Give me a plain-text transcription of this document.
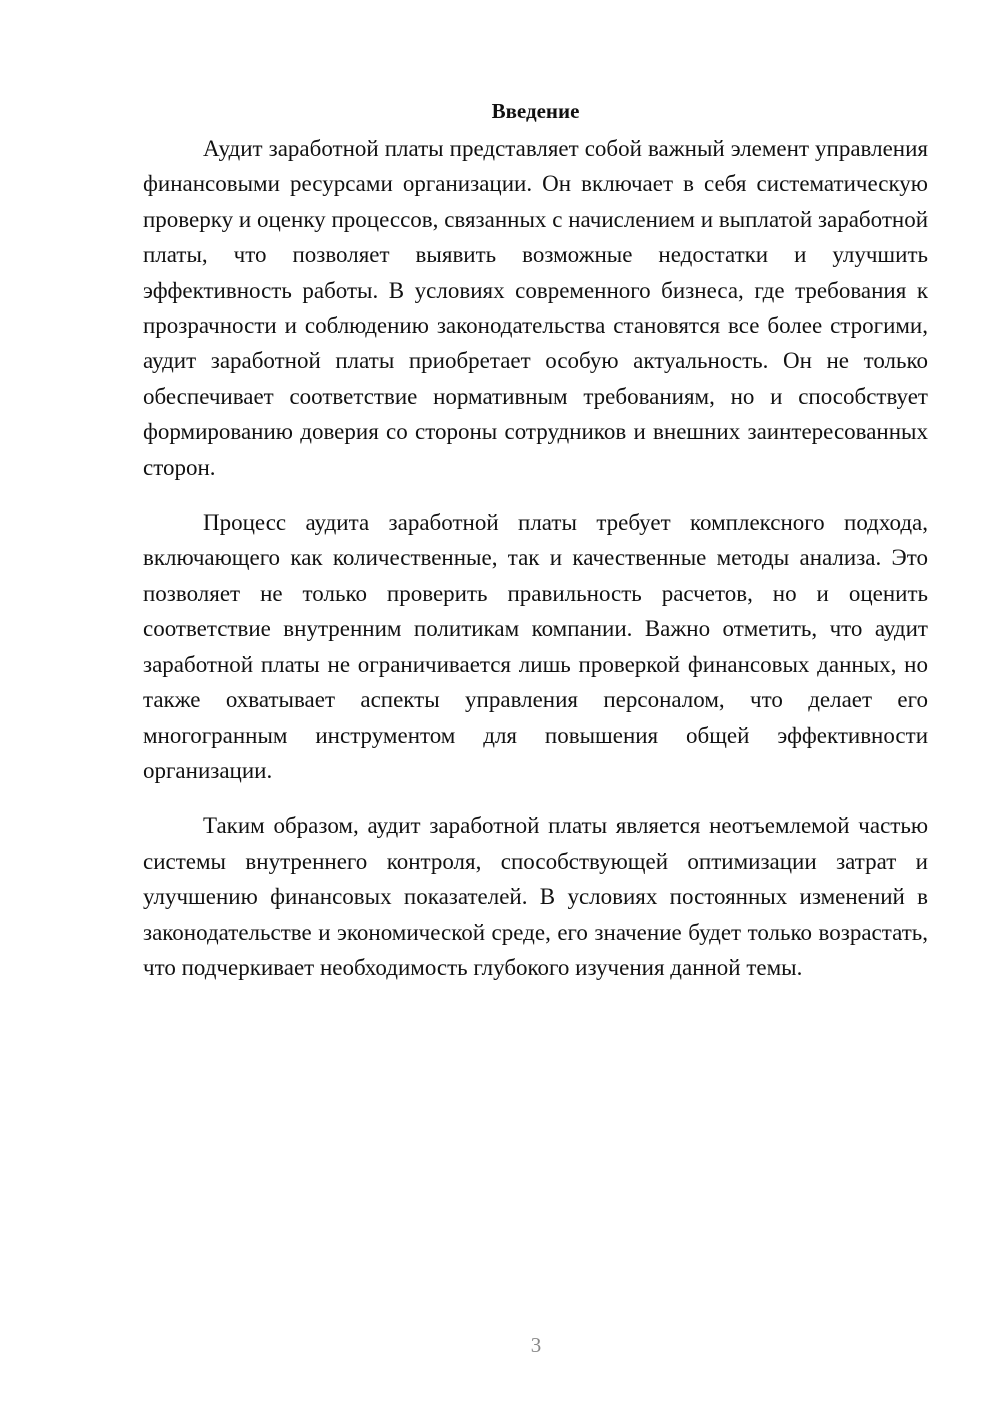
Введение

Аудит заработной платы представляет собой важный элемент управления финансовыми ресурсами организации. Он включает в себя систематическую проверку и оценку процессов, связанных с начислением и выплатой заработной платы, что позволяет выявить возможные недостатки и улучшить эффективность работы. В условиях современного бизнеса, где требования к прозрачности и соблюдению законодательства становятся все более строгими, аудит заработной платы приобретает особую актуальность. Он не только обеспечивает соответствие нормативным требованиям, но и способствует формированию доверия со стороны сотрудников и внешних заинтересованных сторон.

Процесс аудита заработной платы требует комплексного подхода, включающего как количественные, так и качественные методы анализа. Это позволяет не только проверить правильность расчетов, но и оценить соответствие внутренним политикам компании. Важно отметить, что аудит заработной платы не ограничивается лишь проверкой финансовых данных, но также охватывает аспекты управления персоналом, что делает его многогранным инструментом для повышения общей эффективности организации.

Таким образом, аудит заработной платы является неотъемлемой частью системы внутреннего контроля, способствующей оптимизации затрат и улучшению финансовых показателей. В условиях постоянных изменений в законодательстве и экономической среде, его значение будет только возрастать, что подчеркивает необходимость глубокого изучения данной темы.

3
